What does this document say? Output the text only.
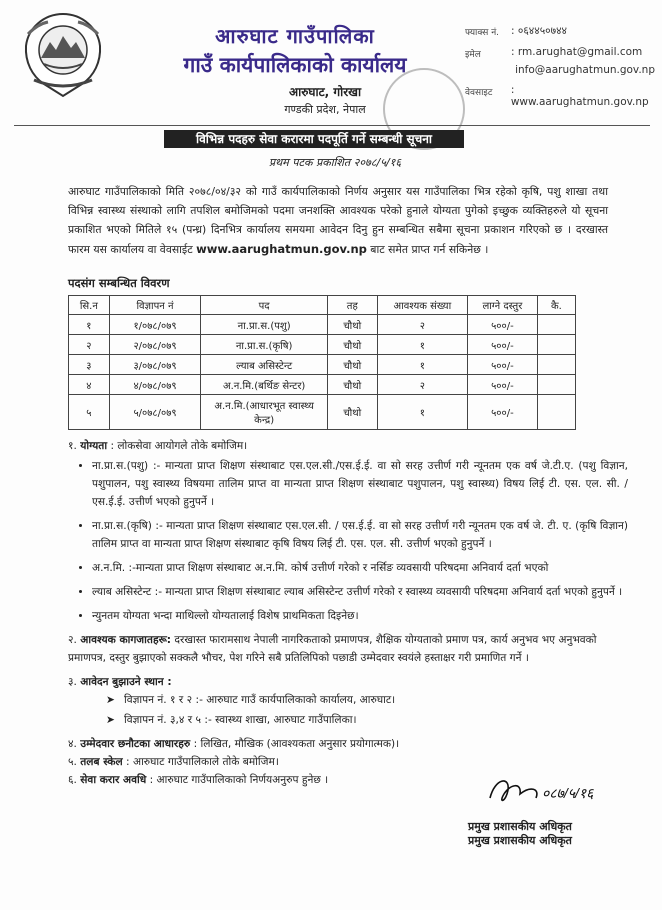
आरुघाट गाउँपालिका
गाउँ कार्यपालिकाको कार्यालय
आरुघाट, गोरखा
गण्डकी प्रदेश, नेपाल
फ्याक्स नं.	: ०६४४५०७४४
इमेल	: rm.arughat@gmail.com
info@aarughatmun.gov.np
वेवसाइट	: www.aarughatmun.gov.np
विभिन्न पदहरु सेवा करारमा पदपूर्ति गर्ने सम्बन्धी सूचना
प्रथम पटक प्रकाशित २०७८/५/१६
आरुघाट गाउँपालिकाको मिति २०७८/०४/३२ को गाउँ कार्यपालिकाको निर्णय अनुसार यस गाउँपालिका भित्र रहेको कृषि, पशु शाखा तथा विभिन्न स्वास्थ्य संस्थाको लागि तपशिल बमोजिमको पदमा जनशक्ति आवश्यक परेको हुनाले योग्यता पुगेको इच्छुक व्यक्तिहरुले यो सूचना प्रकाशित भएको मितिले १५ (पन्ध्र) दिनभित्र कार्यालय समयमा आवेदन दिनु हुन सम्बन्धित सबैमा सूचना प्रकाशन गरिएको छ । दरखास्त फारम यस कार्यालय वा वेवसाईट www.aarughatmun.gov.np बाट समेत प्राप्त गर्न सकिनेछ ।
पदसंग सम्बन्धित विवरण
सि.न	विज्ञापन नं	पद	तह	आवश्यक संख्या	लाग्ने दस्तुर	कै.
१	१/०७८/०७९	ना.प्रा.स.(पशु)	चौथो	२	५००/-	
२	२/०७८/०७९	ना.प्रा.स.(कृषि)	चौथो	१	५००/-	
३	३/०७८/०७९	ल्याब असिस्टेन्ट	चौथो	१	५००/-	
४	४/०७८/०७९	अ.न.मि.(बर्थिङ सेन्टर)	चौथो	२	५००/-	
५	५/०७८/०७९	अ.न.मि.(आधारभूत स्वास्थ्य केन्द्र)	चौथो	१	५००/-	
१. योग्यता : लोकसेवा आयोगले तोके बमोजिम।
• ना.प्रा.स.(पशु) :- मान्यता प्राप्त शिक्षण संस्थाबाट एस.एल.सी./एस.ई.ई. वा सो सरह उत्तीर्ण गरी न्यूनतम एक वर्ष जे.टी.ए. (पशु विज्ञान, पशुपालन, पशु स्वास्थ्य विषयमा तालिम प्राप्त वा मान्यता प्राप्त शिक्षण संस्थाबाट पशुपालन, पशु स्वास्थ्य) विषय लिई टी. एस. एल. सी. / एस.ई.ई. उत्तीर्ण भएको हुनुपर्ने ।
• ना.प्रा.स.(कृषि) :- मान्यता प्राप्त शिक्षण संस्थाबाट एस.एल.सी. / एस.ई.ई. वा सो सरह उत्तीर्ण गरी न्यूनतम एक वर्ष जे. टी. ए. (कृषि विज्ञान) तालिम प्राप्त वा मान्यता प्राप्त शिक्षण संस्थाबाट कृषि विषय लिई टी. एस. एल. सी. उत्तीर्ण भएको हुनुपर्ने ।
• अ.न.मि. :-मान्यता प्राप्त शिक्षण संस्थाबाट अ.न.मि. कोर्ष उत्तीर्ण गरेको र नर्सिङ व्यवसायी परिषदमा अनिवार्य दर्ता भएको
• ल्याब असिस्टेन्ट :- मान्यता प्राप्त शिक्षण संस्थाबाट ल्याब असिस्टेन्ट उत्तीर्ण गरेको र स्वास्थ्य व्यवसायी परिषदमा अनिवार्य दर्ता भएको हुनुपर्ने ।
• न्युनतम योग्यता भन्दा माथिल्लो योग्यतालाई विशेष प्राथमिकता दिइनेछ।
२. आवश्यक कागजातहरू: दरखास्त फारामसाथ नेपाली नागरिकताको प्रमाणपत्र, शैक्षिक योग्यताको प्रमाण पत्र, कार्य अनुभव भए अनुभवको प्रमाणपत्र, दस्तुर बुझाएको सक्कलै भौचर, पेश गरिने सबै प्रतिलिपिको पछाडी उम्मेदवार स्वयंले हस्ताक्षर गरी प्रमाणित गर्ने ।
३. आवेदन बुझाउने स्थान :
➤ विज्ञापन नं. १ र २ :- आरुघाट गाउँ कार्यपालिकाको कार्यालय, आरुघाट।
➤ विज्ञापन नं. ३,४ र ५ :- स्वास्थ्य शाखा, आरुघाट गाउँपालिका।
४. उम्मेदवार छनौटका आधारहरु : लिखित, मौखिक (आवश्यकता अनुसार प्रयोगात्मक)।
५. तलब स्केल : आरुघाट गाउँपालिकाले तोके बमोजिम।
६. सेवा करार अवधि : आरुघाट गाउँपालिकाको निर्णयअनुरुप हुनेछ ।
०८७/५/१६
प्रमुख प्रशासकीय अधिकृत
प्रमुख प्रशासकीय अधिकृत
